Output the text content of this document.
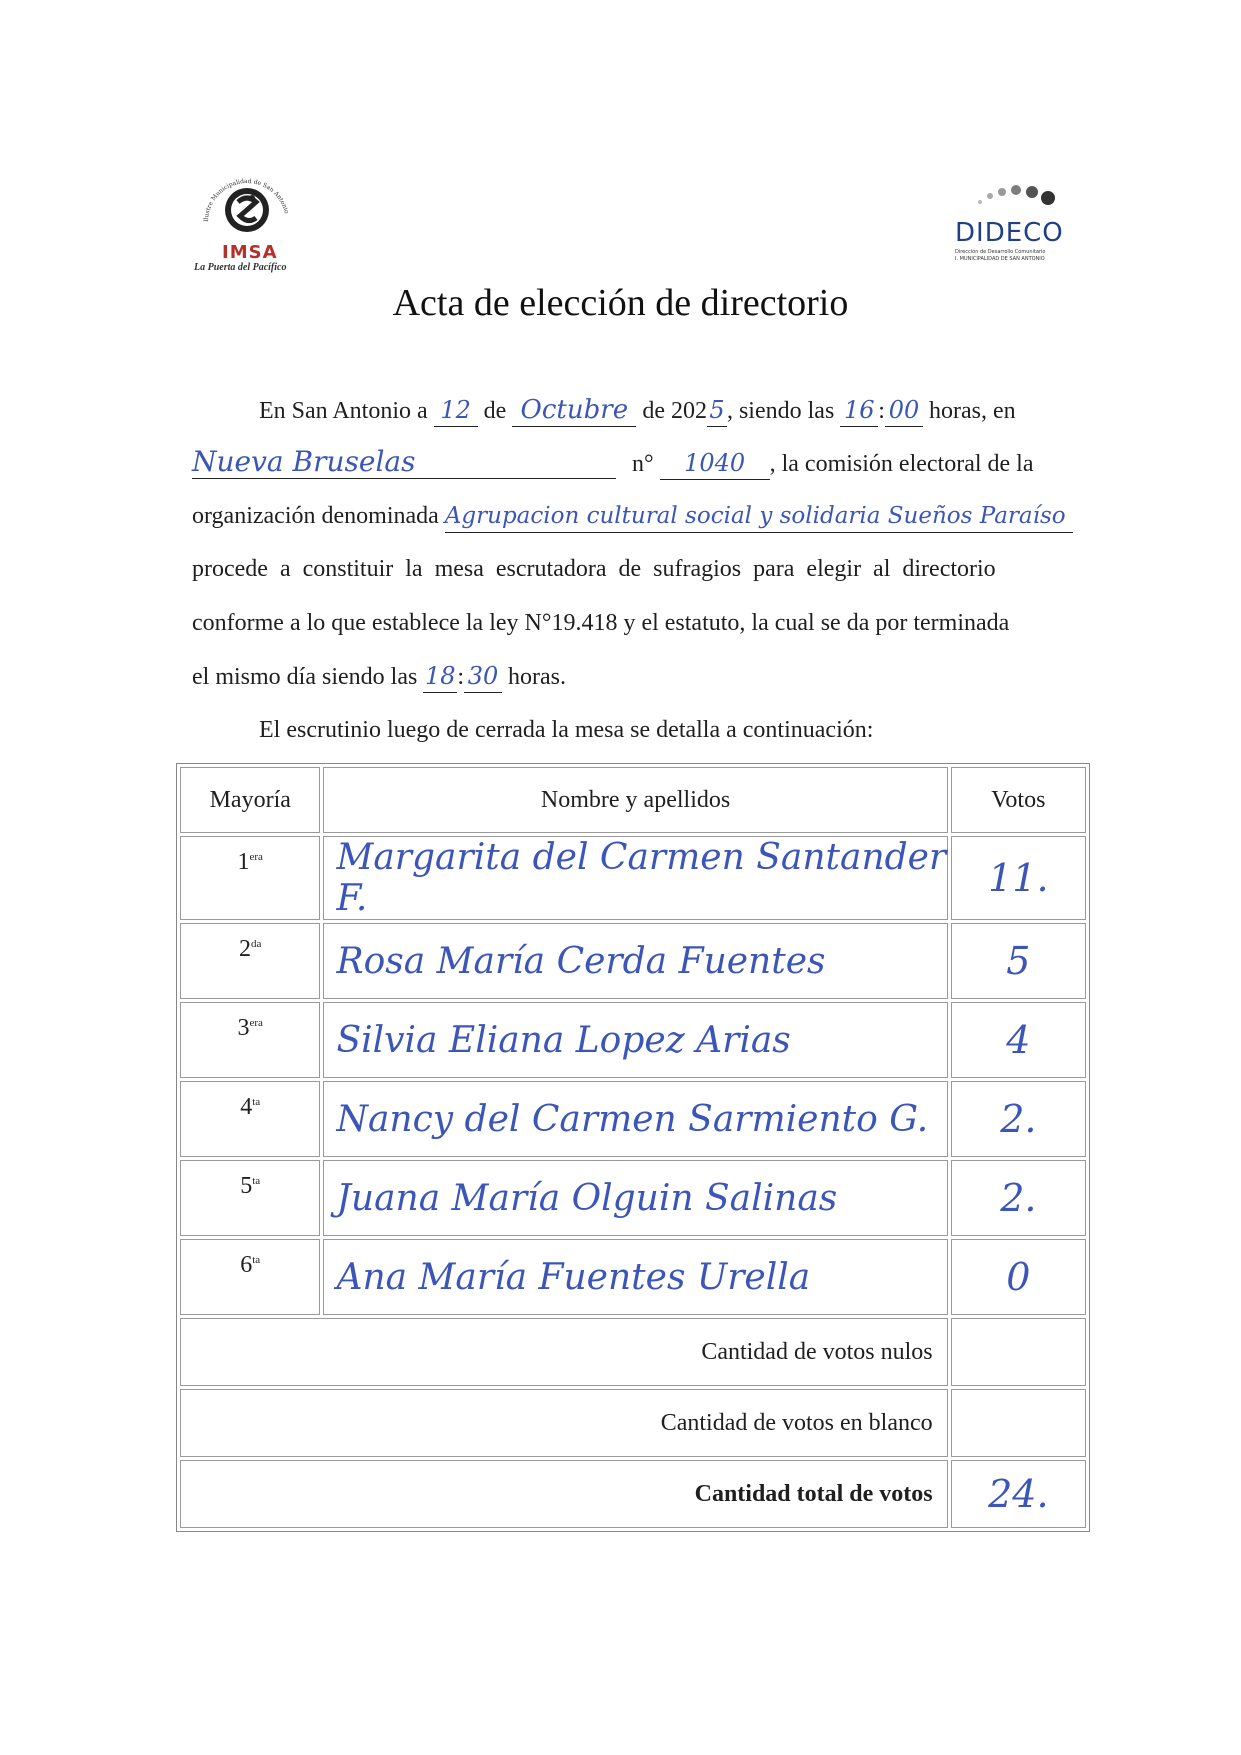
Ilustre Municipalidad de San Antonio
IMSA
La Puerta del Pacífico
DIDECO
Dirección de Desarrollo Comunitario
I. MUNICIPALIDAD DE SAN ANTONIO
Acta de elección de directorio
En San Antonio a 12 de Octubre de 2025, siendo las 16 : 00 horas, en
Nueva Bruselas	n° 1040 , la comisión electoral de la
organización denominada Agrupacion cultural social y solidaria Sueños Paraíso
procede a constituir la mesa escrutadora de sufragios para elegir al directorio
conforme a lo que establece la ley N°19.418 y el estatuto, la cual se da por terminada
el mismo día siendo las 18: 30 horas.
El escrutinio luego de cerrada la mesa se detalla a continuación:
Mayoría	Nombre y apellidos	Votos
$1^{era}$	Margarita del Carmen Santander F.	11.
$2^{da}$	Rosa María Cerda Fuentes	5
$3^{era}$	Silvia Eliana Lopez Arias	4
$4^{ta}$	Nancy del Carmen Sarmiento G.	2.
$5^{ta}$	Juana María Olguin Salinas	2.
$6^{ta}$	Ana María Fuentes Urella	0
Cantidad de votos nulos		
Cantidad de votos en blanco		
Cantidad total de votos		24.
